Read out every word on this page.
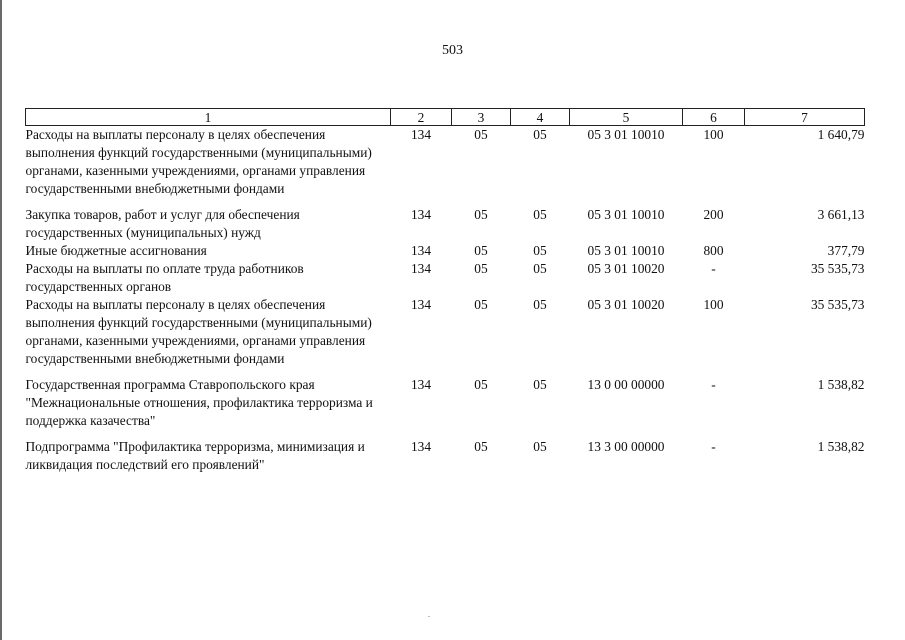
503
1	2	3	4	5	6	7
Расходы на выплаты персоналу в целях обеспечения выполнения функций государственными (муниципальными) органами, казенными учреждениями, органами управления государственными внебюджетными фондами	134	05	05	05 3 01 10010	100	1 640,79
Закупка товаров, работ и услуг для обеспечения государственных (муниципальных) нужд	134	05	05	05 3 01 10010	200	3 661,13
Иные бюджетные ассигнования	134	05	05	05 3 01 10010	800	377,79
Расходы на выплаты по оплате труда работников государственных органов	134	05	05	05 3 01 10020	-	35 535,73
Расходы на выплаты персоналу в целях обеспечения выполнения функций государственными (муниципальными) органами, казенными учреждениями, органами управления государственными внебюджетными фондами	134	05	05	05 3 01 10020	100	35 535,73
Государственная программа Ставропольского края "Межнациональные отношения, профилактика терроризма и поддержка казачества"	134	05	05	13 0 00 00000	-	1 538,82
Подпрограмма "Профилактика терроризма, минимизация и ликвидация последствий его проявлений"	134	05	05	13 3 00 00000	-	1 538,82
